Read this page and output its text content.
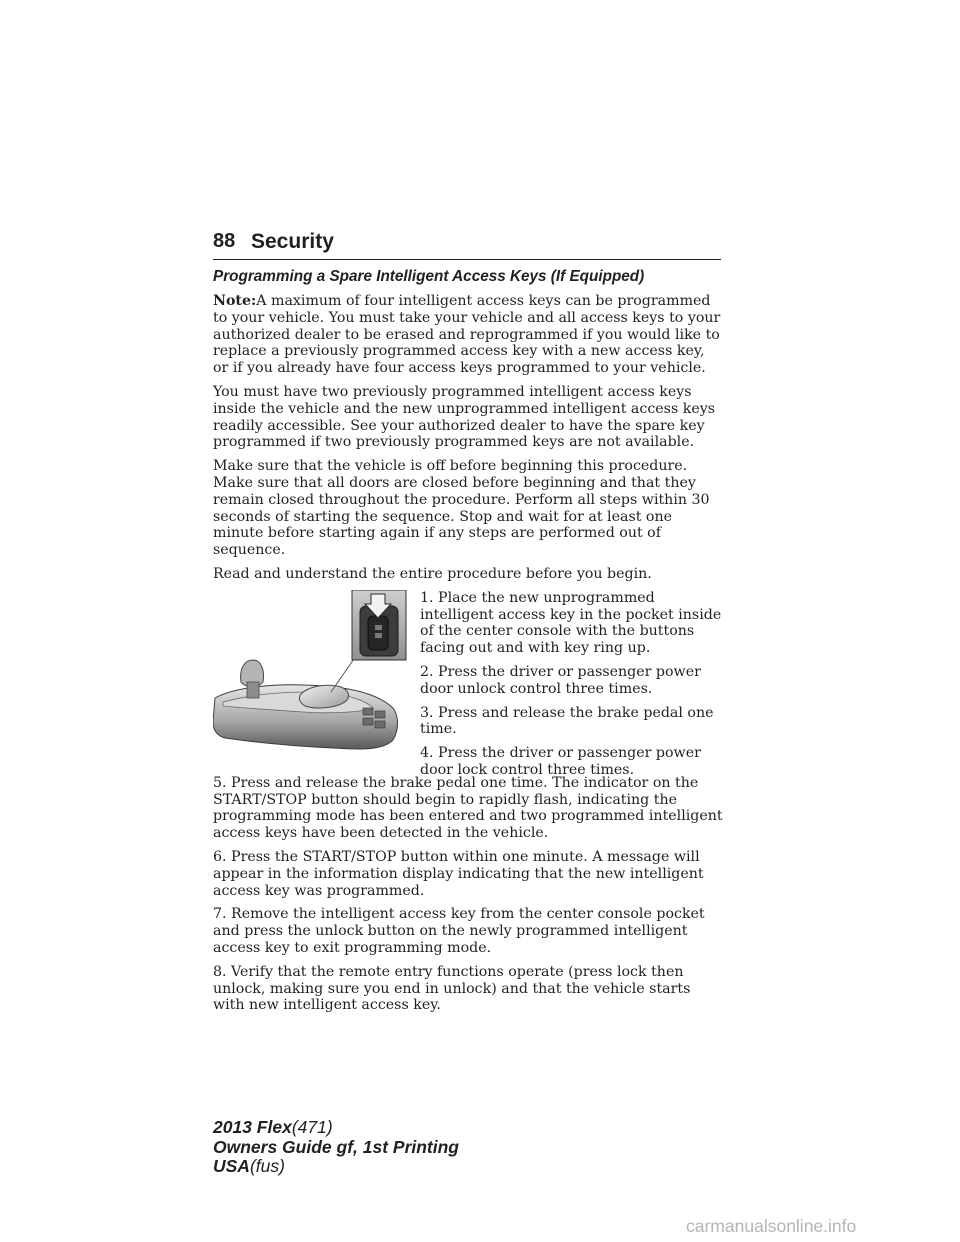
88 Security
Programming a Spare Intelligent Access Keys (If Equipped)

Note:A maximum of four intelligent access keys can be programmed to your vehicle. You must take your vehicle and all access keys to your authorized dealer to be erased and reprogrammed if you would like to replace a previously programmed access key with a new access key, or if you already have four access keys programmed to your vehicle.

You must have two previously programmed intelligent access keys inside the vehicle and the new unprogrammed intelligent access keys readily accessible. See your authorized dealer to have the spare key programmed if two previously programmed keys are not available.

Make sure that the vehicle is off before beginning this procedure. Make sure that all doors are closed before beginning and that they remain closed throughout the procedure. Perform all steps within 30 seconds of starting the sequence. Stop and wait for at least one minute before starting again if any steps are performed out of sequence.

Read and understand the entire procedure before you begin.

1. Place the new unprogrammed intelligent access key in the pocket inside of the center console with the buttons facing out and with key ring up.

2. Press the driver or passenger power door unlock control three times.

3. Press and release the brake pedal one time.

4. Press the driver or passenger power door lock control three times.

5. Press and release the brake pedal one time. The indicator on the START/STOP button should begin to rapidly flash, indicating the programming mode has been entered and two programmed intelligent access keys have been detected in the vehicle.

6. Press the START/STOP button within one minute. A message will appear in the information display indicating that the new intelligent access key was programmed.

7. Remove the intelligent access key from the center console pocket and press the unlock button on the newly programmed intelligent access key to exit programming mode.

8. Verify that the remote entry functions operate (press lock then unlock, making sure you end in unlock) and that the vehicle starts with new intelligent access key.

2013 Flex(471)
Owners Guide gf, 1st Printing
USA(fus)
carmanualsonline.info
